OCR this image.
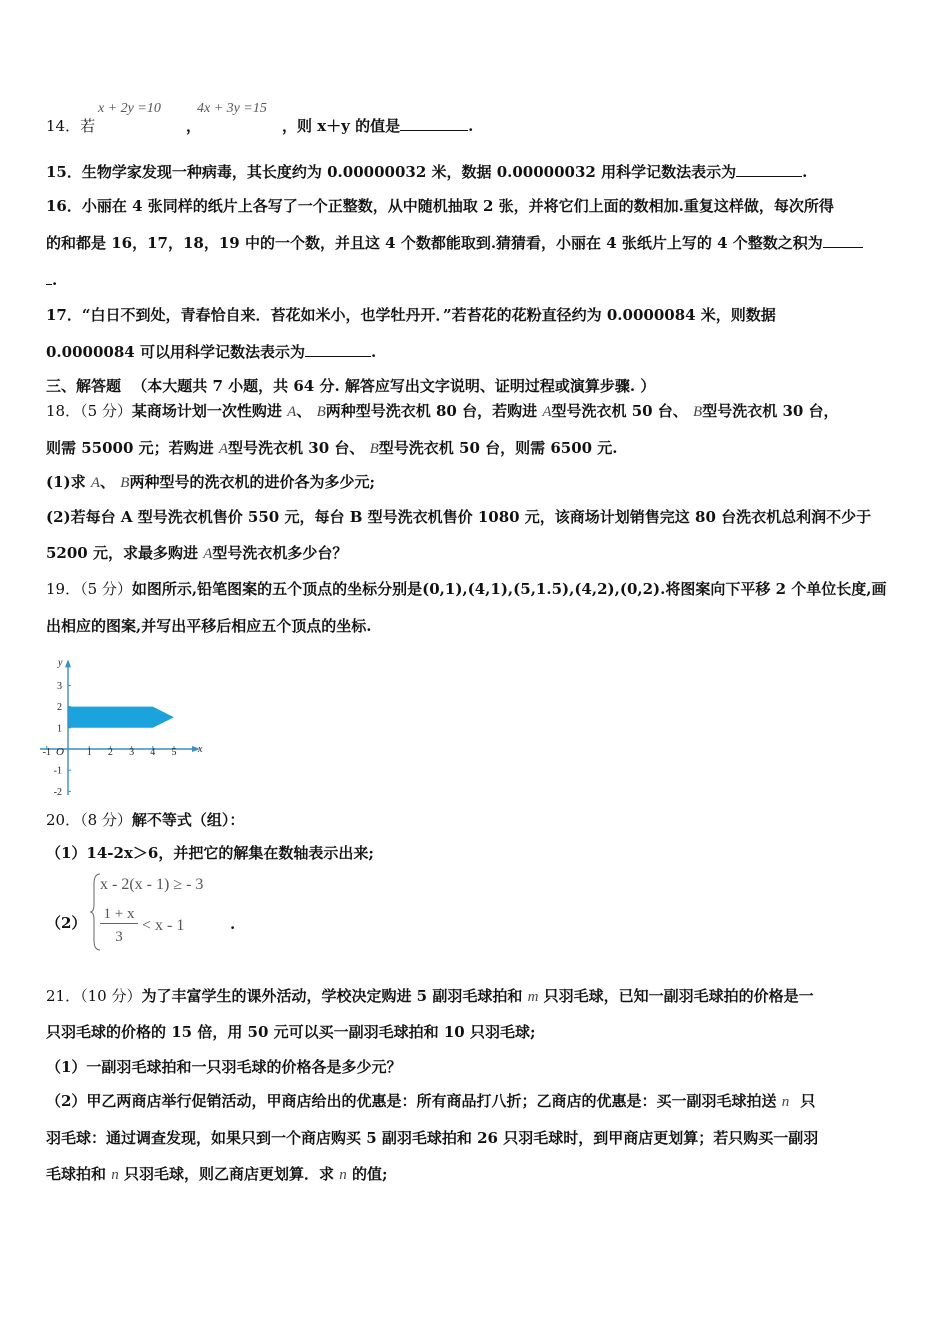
14．若
x + 2y =10
，
4x + 3y =15
，则 x＋y 的值是	.
15．生物学家发现一种病毒，其长度约为 0.00000032 米，数据 0.00000032 用科学记数法表示为	.
16．小丽在 4 张同样的纸片上各写了一个正整数，从中随机抽取 2 张，并将它们上面的数相加.重复这样做，每次所得
的和都是 16，17，18，19 中的一个数，并且这 4 个数都能取到.猜猜看，小丽在 4 张纸片上写的 4 个整数之积为
.
17．“白日不到处，青春恰自来．苔花如米小，也学牡丹开．”若苔花的花粉直径约为 0.0000084 米，则数据
0.0000084 可以用科学记数法表示为	.
三、解答题 （本大题共 7 小题，共 64 分. 解答应写出文字说明、证明过程或演算步骤. ）
18．（5 分）某商场计划一次性购进 A、 B两种型号洗衣机 80 台，若购进 A型号洗衣机 50 台、 B型号洗衣机 30 台，
则需 55000 元；若购进 A型号洗衣机 30 台、 B型号洗衣机 50 台，则需 6500 元.
(1)求 A、 B两种型号的洗衣机的进价各为多少元;
(2)若每台 A 型号洗衣机售价 550 元，每台 B 型号洗衣机售价 1080 元，该商场计划销售完这 80 台洗衣机总利润不少于
5200 元，求最多购进 A型号洗衣机多少台？
19．（5 分）如图所示,铅笔图案的五个顶点的坐标分别是(0,1),(4,1),(5,1.5),(4,2),(0,2).将图案向下平移 2 个单位长度,画
出相应的图案,并写出平移后相应五个顶点的坐标.
-1	1 2 3 4 5
3
2
1
-1
-2
O	x
y
20．（8 分）解不等式（组）：
（1）14-2x＞6，并把它的解集在数轴表示出来;
（2）
x - 2(x - 1) ≥ - 3
1 + x
3
< x - 1	.
21．（10 分）为了丰富学生的课外活动，学校决定购进 5 副羽毛球拍和 m 只羽毛球，已知一副羽毛球拍的价格是一
只羽毛球的价格的 15 倍，用 50 元可以买一副羽毛球拍和 10 只羽毛球;
（1）一副羽毛球拍和一只羽毛球的价格各是多少元？
（2）甲乙两商店举行促销活动，甲商店给出的优惠是：所有商品打八折；乙商店的优惠是：买一副羽毛球拍送 n 只
羽毛球：通过调查发现，如果只到一个商店购买 5 副羽毛球拍和 26 只羽毛球时，到甲商店更划算；若只购买一副羽
毛球拍和 n 只羽毛球，则乙商店更划算．求 n 的值;
